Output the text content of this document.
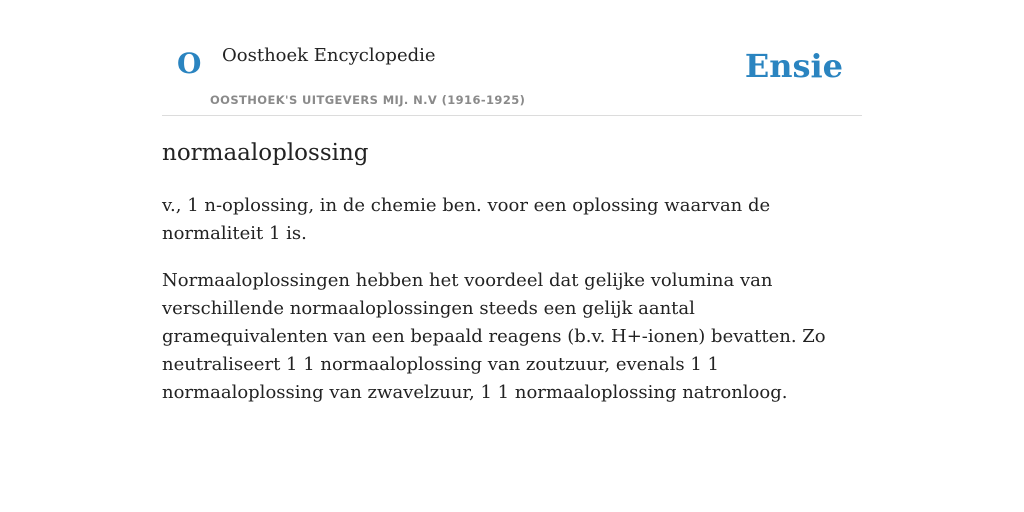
O Oosthoek Encyclopedie
OOSTHOEK'S UITGEVERS MIJ. N.V (1916-1925)
Ensie
normaaloplossing

v., 1 n-oplossing, in de chemie ben. voor een oplossing waarvan de normaliteit 1 is.

Normaaloplossingen hebben het voordeel dat gelijke volumina van verschillende normaaloplossingen steeds een gelijk aantal gramequivalenten van een bepaald reagens (b.v. H+-ionen) bevatten. Zo neutraliseert 1 1 normaaloplossing van zoutzuur, evenals 1 1 normaaloplossing van zwavelzuur, 1 1 normaaloplossing natronloog.
